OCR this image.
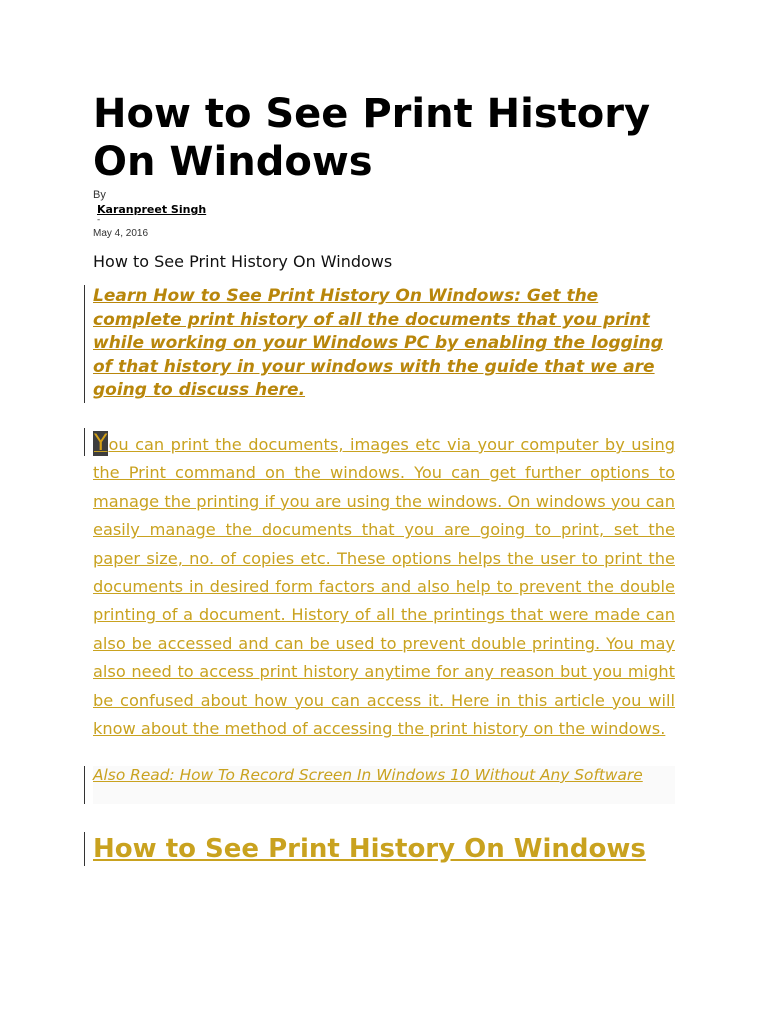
How to See Print History On Windows
By
Karanpreet Singh
-
May 4, 2016
How to See Print History On Windows
Learn How to See Print History On Windows: Get the complete print history of all the documents that you print while working on your Windows PC by enabling the logging of that history in your windows with the guide that we are going to discuss here.
You can print the documents, images etc via your computer by using the Print command on the windows. You can get further options to manage the printing if you are using the windows. On windows you can easily manage the documents that you are going to print, set the paper size, no. of copies etc. These options helps the user to print the documents in desired form factors and also help to prevent the double printing of a document. History of all the printings that were made can also be accessed and can be used to prevent double printing. You may also need to access print history anytime for any reason but you might be confused about how you can access it. Here in this article you will know about the method of accessing the print history on the windows.
Also Read: How To Record Screen In Windows 10 Without Any Software
How to See Print History On Windows
